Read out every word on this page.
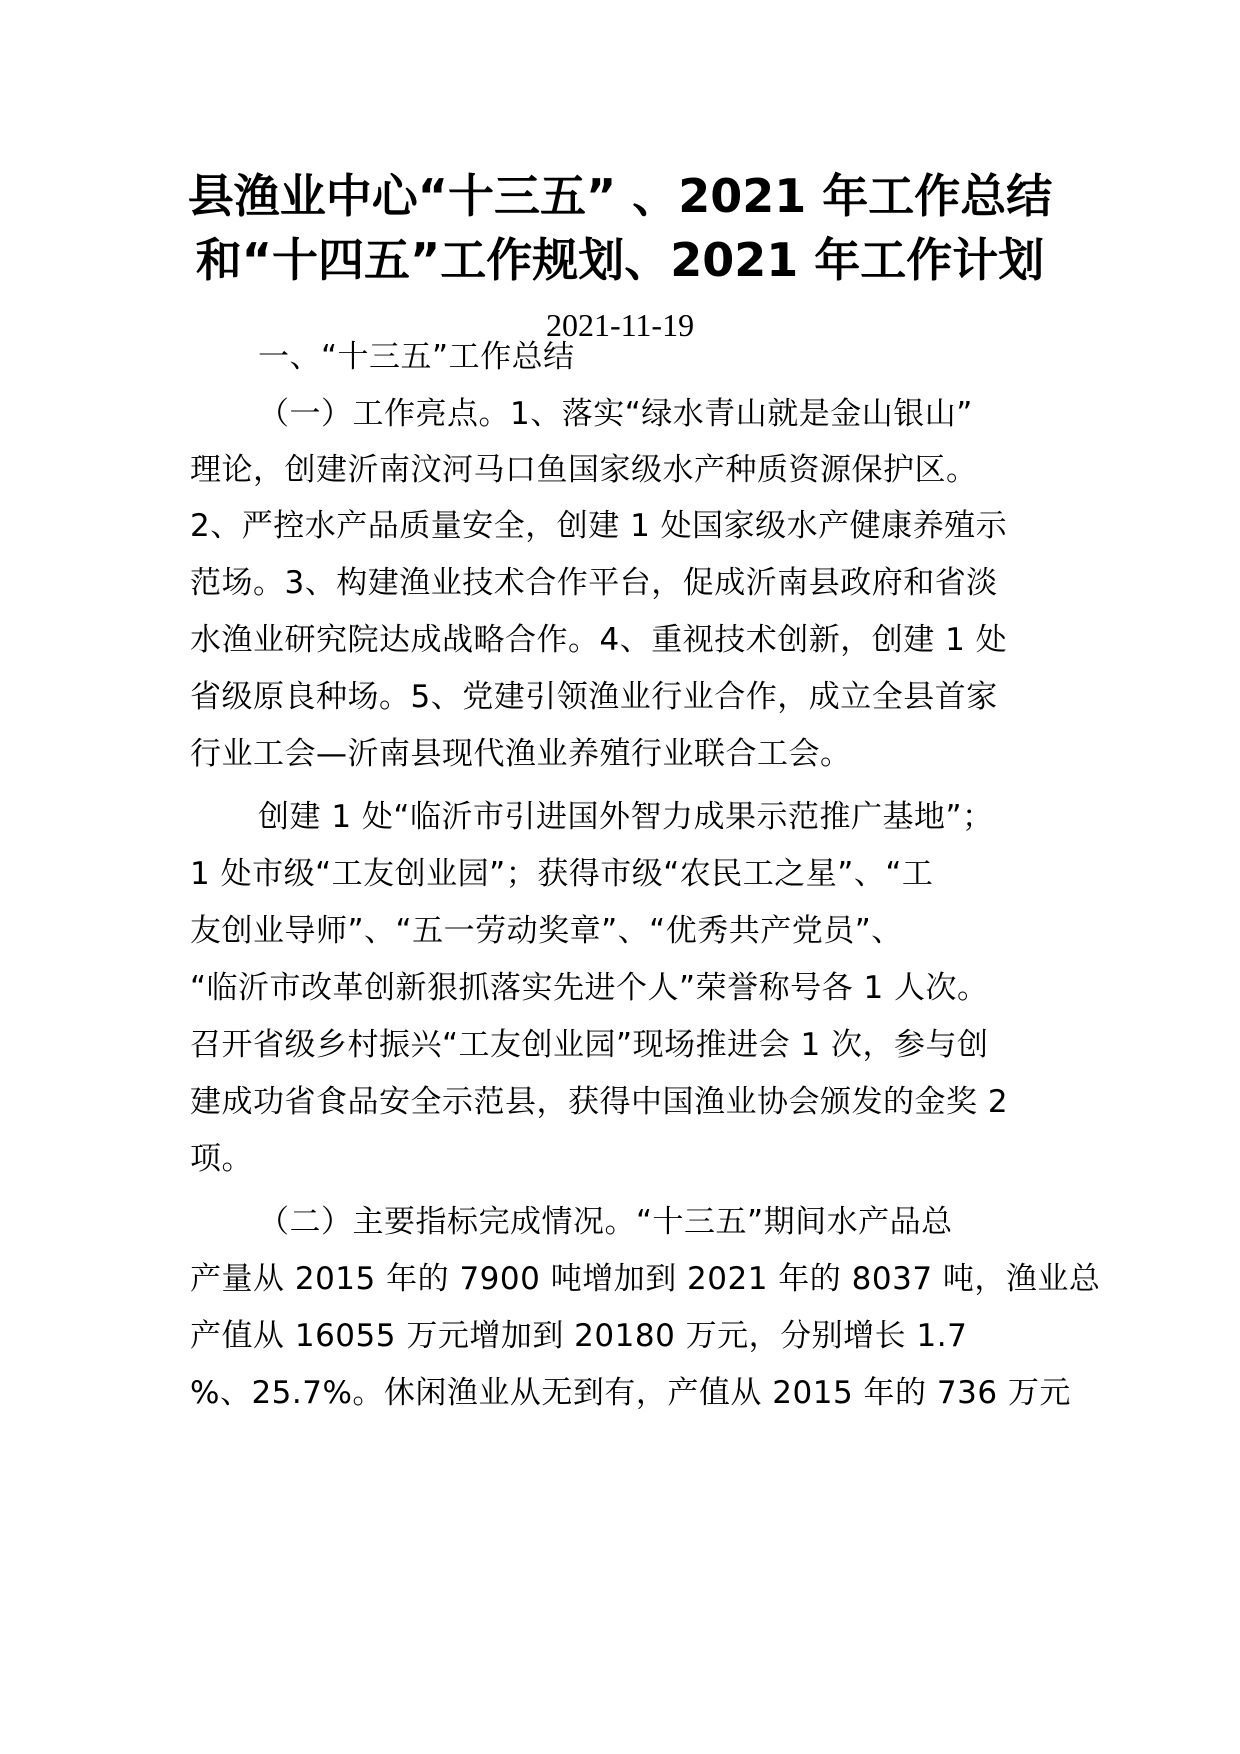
县渔业中心“十三五” 、2021 年工作总结
和“十四五”工作规划、2021 年工作计划
2021-11-19
一、“十三五”工作总结
（一）工作亮点。1、落实“绿水青山就是金山银山”
理论，创建沂南汶河马口鱼国家级水产种质资源保护区。
2、严控水产品质量安全，创建 1 处国家级水产健康养殖示
范场。3、构建渔业技术合作平台，促成沂南县政府和省淡
水渔业研究院达成战略合作。4、重视技术创新，创建 1 处
省级原良种场。5、党建引领渔业行业合作，成立全县首家
行业工会—沂南县现代渔业养殖行业联合工会。
创建 1 处“临沂市引进国外智力成果示范推广基地”；
1 处市级“工友创业园”；获得市级“农民工之星”、“工
友创业导师”、“五一劳动奖章”、“优秀共产党员”、
“临沂市改革创新狠抓落实先进个人”荣誉称号各 1 人次。
召开省级乡村振兴“工友创业园”现场推进会 1 次，参与创
建成功省食品安全示范县，获得中国渔业协会颁发的金奖 2
项。
（二）主要指标完成情况。“十三五”期间水产品总
产量从 2015 年的 7900 吨增加到 2021 年的 8037 吨，渔业总
产值从 16055 万元增加到 20180 万元，分别增长 1.7
%、25.7%。休闲渔业从无到有，产值从 2015 年的 736 万元
